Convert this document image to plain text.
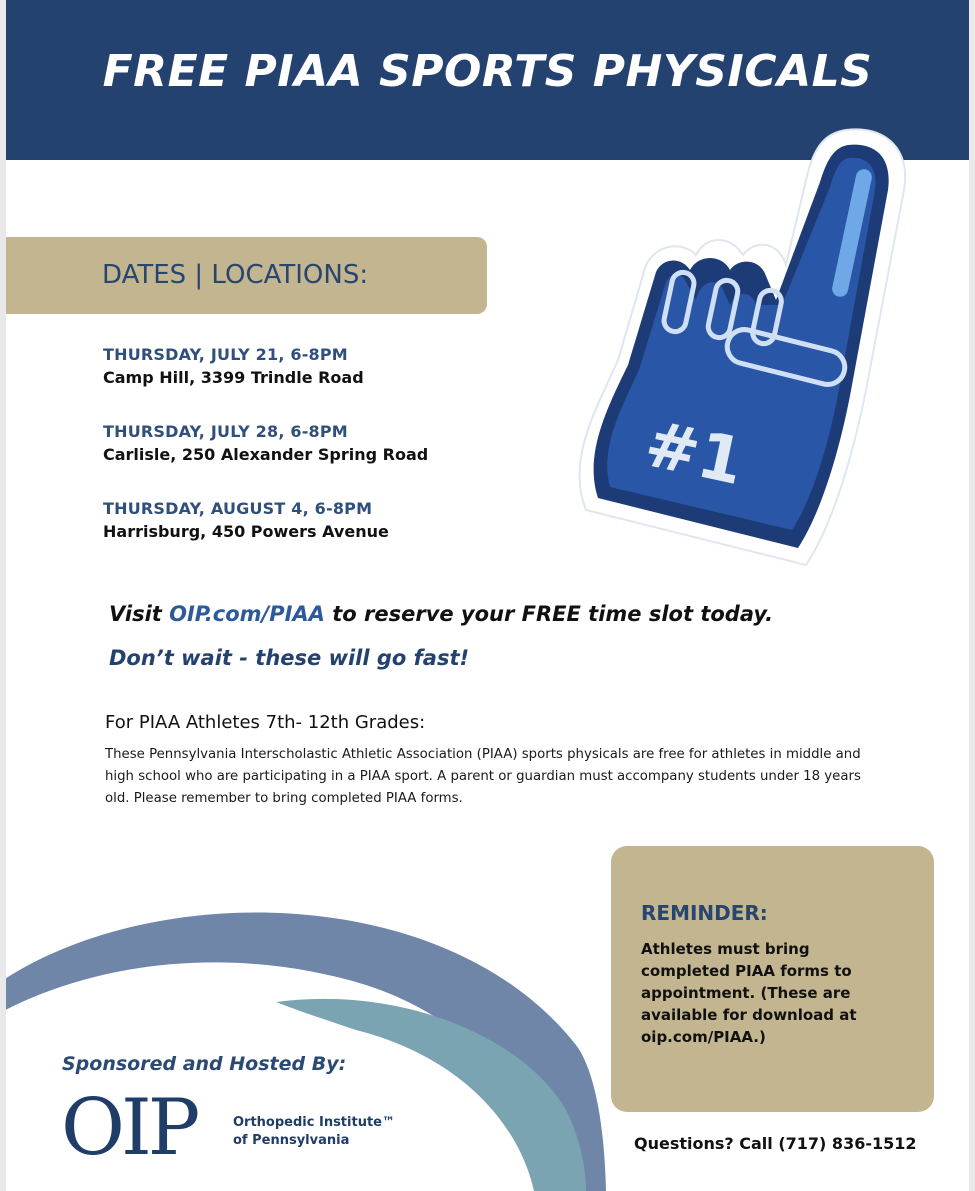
FREE PIAA SPORTS PHYSICALS
#1
DATES | LOCATIONS:
THURSDAY, JULY 21, 6-8PM
Camp Hill, 3399 Trindle Road
THURSDAY, JULY 28, 6-8PM
Carlisle, 250 Alexander Spring Road
THURSDAY, AUGUST 4, 6-8PM
Harrisburg, 450 Powers Avenue
Visit OIP.com/PIAA to reserve your FREE time slot today.
Don’t wait - these will go fast!
For PIAA Athletes 7th- 12th Grades:
These Pennsylvania Interscholastic Athletic Association (PIAA) sports physicals are free for athletes in middle and high school who are participating in a PIAA sport. A parent or guardian must accompany students under 18 years old. Please remember to bring completed PIAA forms.
REMINDER:
Athletes must bring completed PIAA forms to appointment. (These are available for download at oip.com/PIAA.)
Questions? Call (717) 836-1512
Sponsored and Hosted By:
OIP	Orthopedic Institute™
of Pennsylvania
